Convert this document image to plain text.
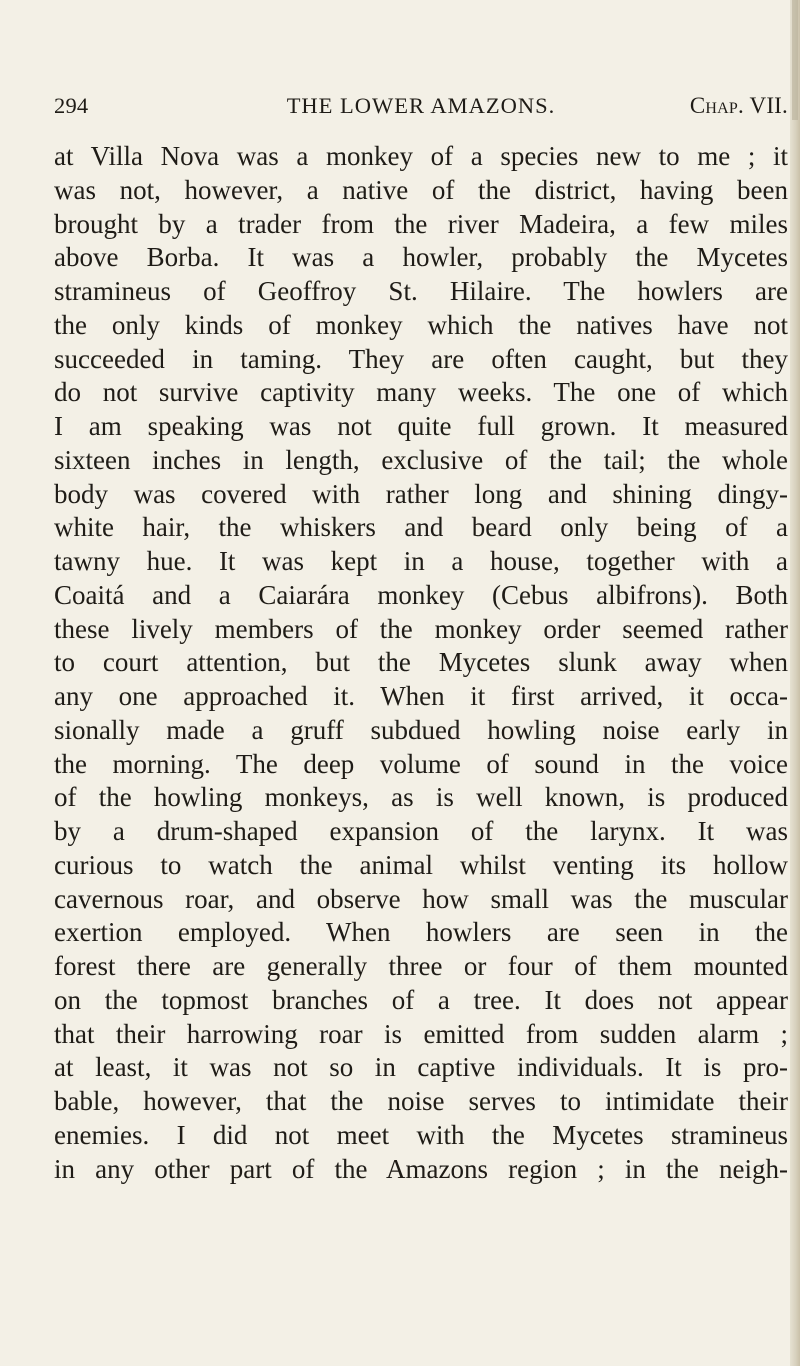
294	THE LOWER AMAZONS.	Chap. VII.
at Villa Nova was a monkey of a species new to me ; it
was not, however, a native of the district, having been
brought by a trader from the river Madeira, a few miles
above Borba. It was a howler, probably the Mycetes
stramineus of Geoffroy St. Hilaire. The howlers are
the only kinds of monkey which the natives have not
succeeded in taming. They are often caught, but they
do not survive captivity many weeks. The one of which
I am speaking was not quite full grown. It measured
sixteen inches in length, exclusive of the tail; the whole
body was covered with rather long and shining dingy-
white hair, the whiskers and beard only being of a
tawny hue. It was kept in a house, together with a
Coaitá and a Caiarára monkey (Cebus albifrons). Both
these lively members of the monkey order seemed rather
to court attention, but the Mycetes slunk away when
any one approached it. When it first arrived, it occa-
sionally made a gruff subdued howling noise early in
the morning. The deep volume of sound in the voice
of the howling monkeys, as is well known, is produced
by a drum-shaped expansion of the larynx. It was
curious to watch the animal whilst venting its hollow
cavernous roar, and observe how small was the muscular
exertion employed. When howlers are seen in the
forest there are generally three or four of them mounted
on the topmost branches of a tree. It does not appear
that their harrowing roar is emitted from sudden alarm ;
at least, it was not so in captive individuals. It is pro-
bable, however, that the noise serves to intimidate their
enemies. I did not meet with the Mycetes stramineus
in any other part of the Amazons region ; in the neigh-
